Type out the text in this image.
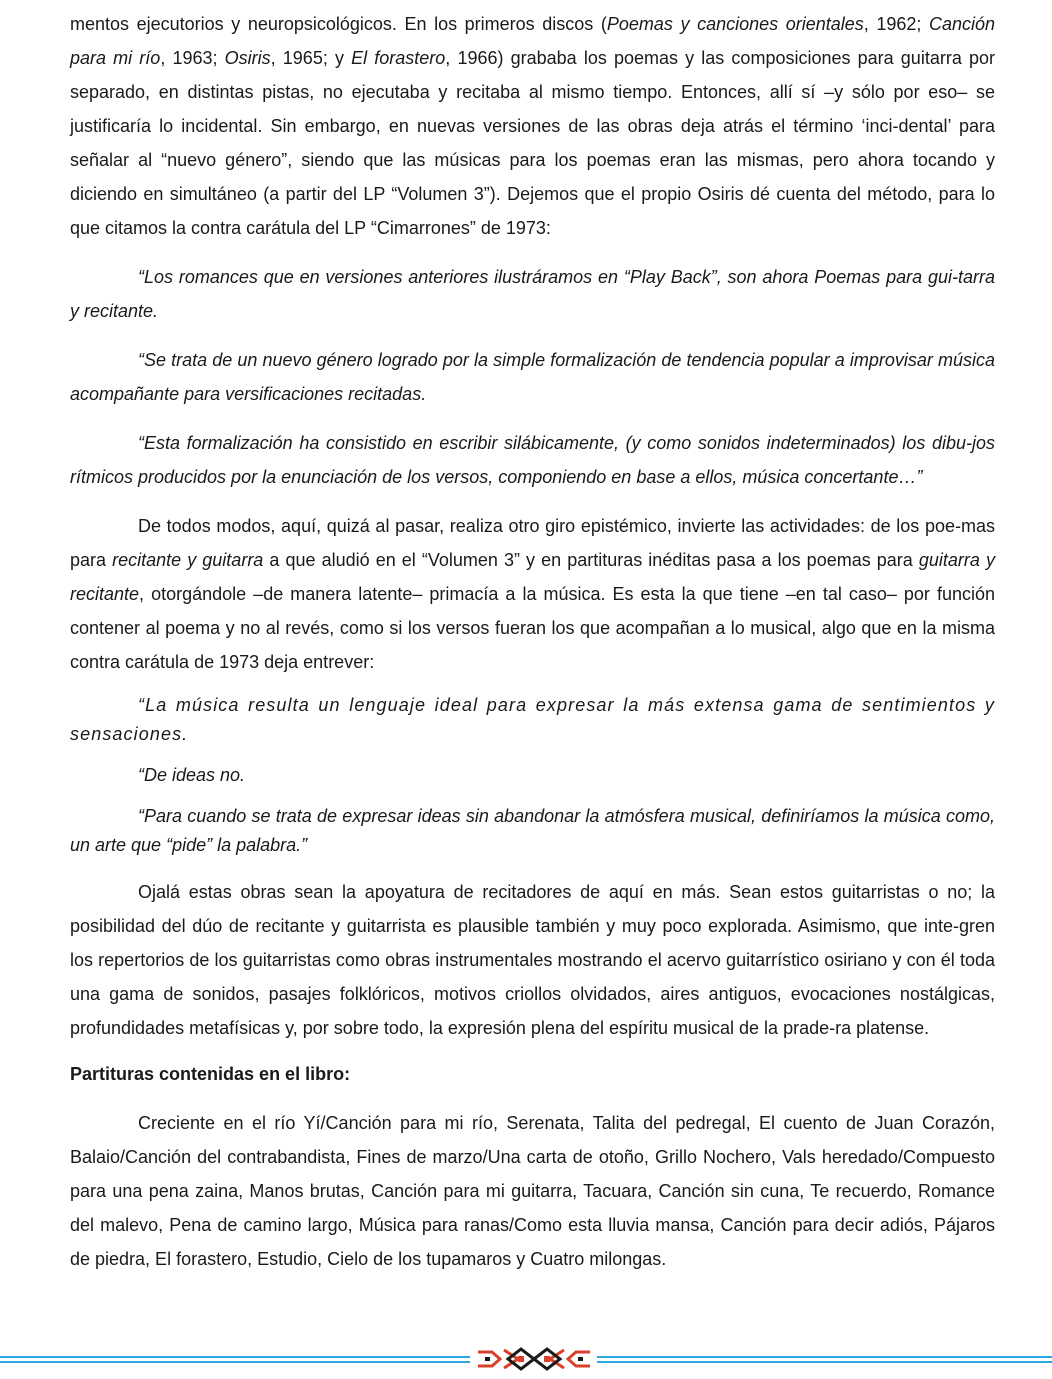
mentos ejecutorios y neuropsicológicos. En los primeros discos (Poemas y canciones orientales, 1962; Canción para mi río, 1963; Osiris, 1965; y El forastero, 1966) grababa los poemas y las composiciones para guitarra por separado, en distintas pistas, no ejecutaba y recitaba al mismo tiempo. Entonces, allí sí –y sólo por eso– se justificaría lo incidental. Sin embargo, en nuevas versiones de las obras deja atrás el término ‘inci-dental’ para señalar al “nuevo género”, siendo que las músicas para los poemas eran las mismas, pero ahora tocando y diciendo en simultáneo (a partir del LP “Volumen 3”). Dejemos que el propio Osiris dé cuenta del método, para lo que citamos la contra carátula del LP “Cimarrones” de 1973:

“Los romances que en versiones anteriores ilustráramos en “Play Back”, son ahora Poemas para gui-tarra y recitante.

“Se trata de un nuevo género logrado por la simple formalización de tendencia popular a improvisar música acompañante para versificaciones recitadas.

“Esta formalización ha consistido en escribir silábicamente, (y como sonidos indeterminados) los dibu-jos rítmicos producidos por la enunciación de los versos, componiendo en base a ellos, música concertante…”

De todos modos, aquí, quizá al pasar, realiza otro giro epistémico, invierte las actividades: de los poe-mas para recitante y guitarra a que aludió en el “Volumen 3” y en partituras inéditas pasa a los poemas para guitarra y recitante, otorgándole –de manera latente– primacía a la música. Es esta la que tiene –en tal caso– por función contener al poema y no al revés, como si los versos fueran los que acompañan a lo musical, algo que en la misma contra carátula de 1973 deja entrever:

“La música resulta un lenguaje ideal para expresar la más extensa gama de sentimientos y sensaciones.

“De ideas no.

“Para cuando se trata de expresar ideas sin abandonar la atmósfera musical, definiríamos la música como, un arte que “pide” la palabra.”

Ojalá estas obras sean la apoyatura de recitadores de aquí en más. Sean estos guitarristas o no; la posibilidad del dúo de recitante y guitarrista es plausible también y muy poco explorada. Asimismo, que inte-gren los repertorios de los guitarristas como obras instrumentales mostrando el acervo guitarrístico osiriano y con él toda una gama de sonidos, pasajes folklóricos, motivos criollos olvidados, aires antiguos, evocaciones nostálgicas, profundidades metafísicas y, por sobre todo, la expresión plena del espíritu musical de la prade-ra platense.

Partituras contenidas en el libro:

Creciente en el río Yí/Canción para mi río, Serenata, Talita del pedregal, El cuento de Juan Corazón, Balaio/Canción del contrabandista, Fines de marzo/Una carta de otoño, Grillo Nochero, Vals heredado/Compuesto para una pena zaina, Manos brutas, Canción para mi guitarra, Tacuara, Canción sin cuna, Te recuerdo, Romance del malevo, Pena de camino largo, Música para ranas/Como esta lluvia mansa, Canción para decir adiós, Pájaros de piedra, El forastero, Estudio, Cielo de los tupamaros y Cuatro milongas.
